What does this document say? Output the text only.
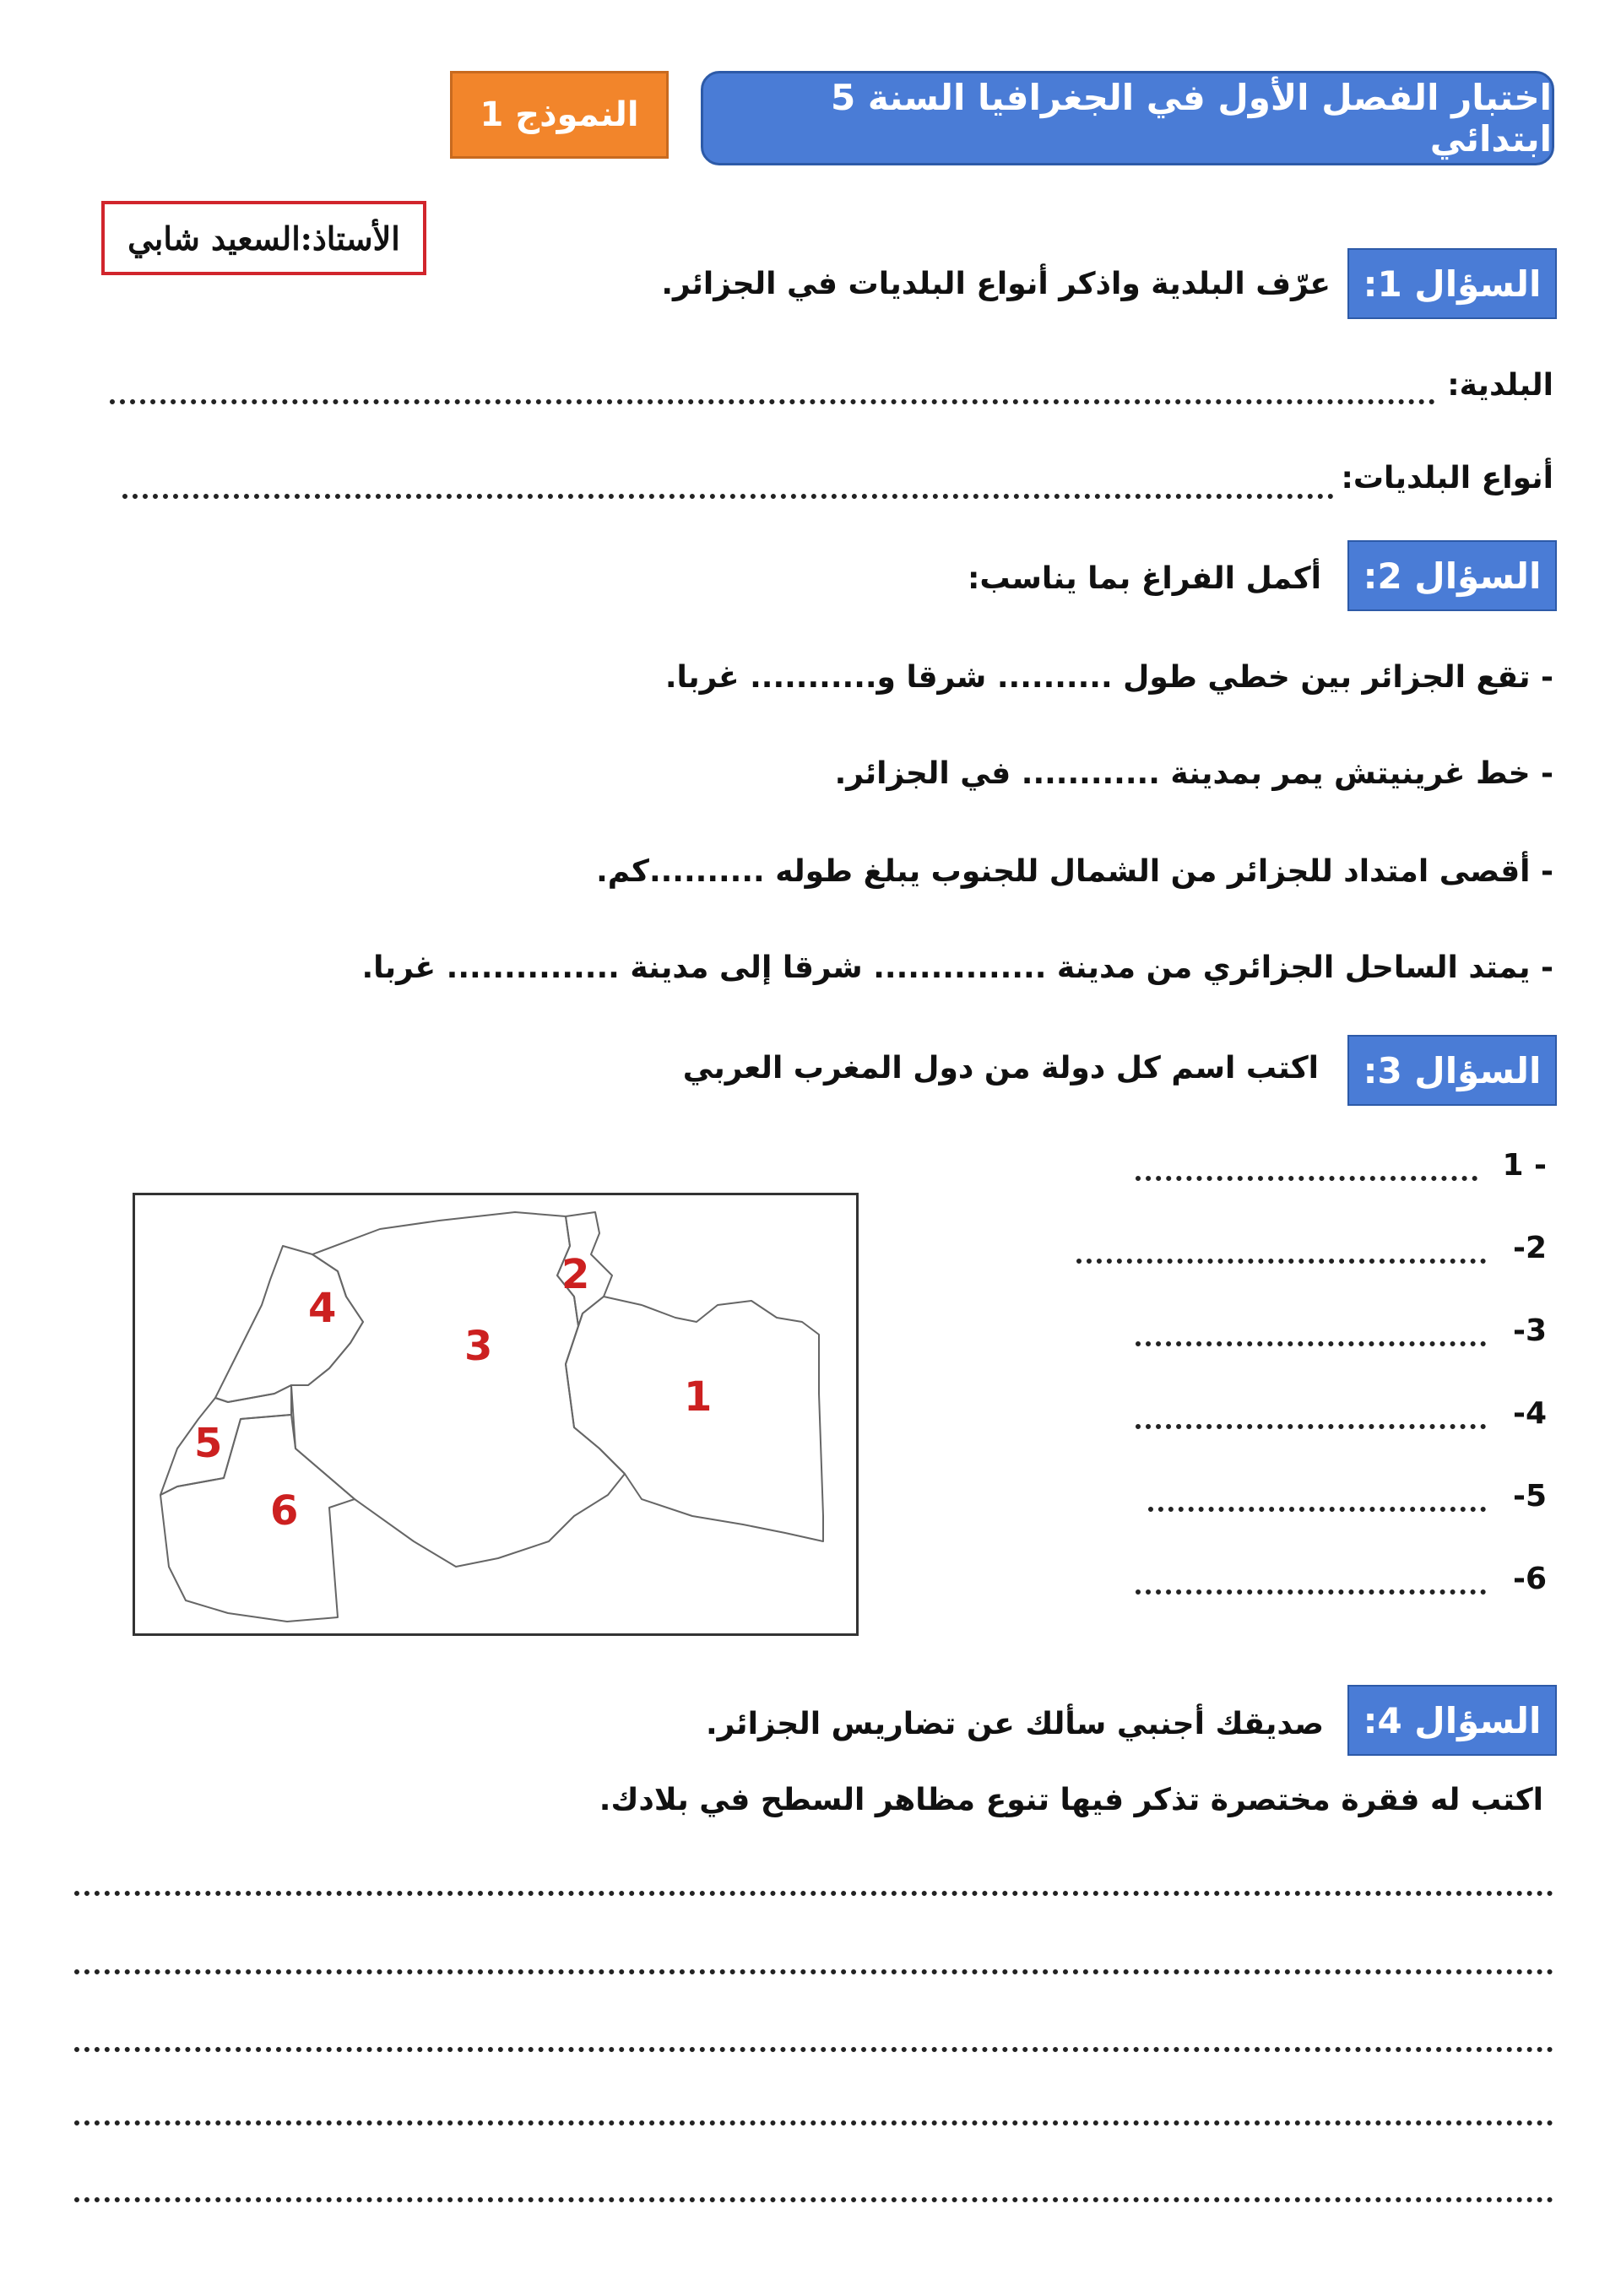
اختبار الفصل الأول في الجغرافيا السنة 5 ابتدائي
النموذج 1
الأستاذ:السعيد شابي
السؤال 1:
عرّف البلدية واذكر أنواع البلديات في الجزائر.
البلدية:
أنواع البلديات:
السؤال 2:
أكمل الفراغ بما يناسب:
- تقع الجزائر بين خطي طول .......... شرقا و........... غربا.
- خط غرينيتش يمر بمدينة ............ في الجزائر.
- أقصى امتداد للجزائر من الشمال للجنوب يبلغ طوله ..........كم.
- يمتد الساحل الجزائري من مدينة ............... شرقا إلى مدينة ............... غربا.
السؤال 3:
اكتب اسم كل دولة من دول المغرب العربي
1 -
-2
-3
-4
-5
-6
1
2
3
4
5
6
السؤال 4:
صديقك أجنبي سألك عن تضاريس الجزائر.
اكتب له فقرة مختصرة تذكر فيها تنوع مظاهر السطح في بلادك.
